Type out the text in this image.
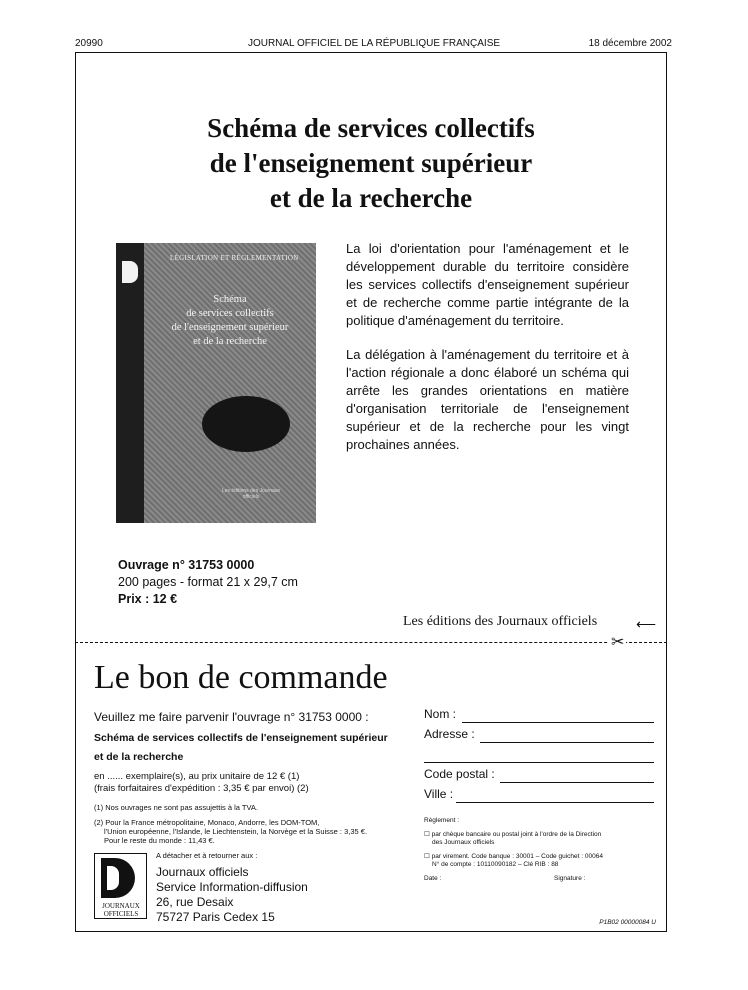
20990	JOURNAL OFFICIEL DE LA RÉPUBLIQUE FRANÇAISE	18 décembre 2002
Schéma de services collectifs
de l'enseignement supérieur
et de la recherche
LÉGISLATION ET RÉGLEMENTATION
Schéma
de services collectifs
de l'enseignement supérieur
et de la recherche
Les éditions des Journaux officiels

La loi d'orientation pour l'aménagement et le développement durable du territoire considère les services collectifs d'enseignement supérieur et de recherche comme partie intégrante de la politique d'aménagement du territoire.

La délégation à l'aménagement du territoire et à l'action régionale a donc élaboré un schéma qui arrête les grandes orientations en matière d'organisation territoriale de l'enseignement supérieur et de la recherche pour les vingt prochaines années.

Ouvrage n° 31753 0000
200 pages - format 21 x 29,7 cm
Prix : 12 €
Les éditions des Journaux officiels	⟵
✂
Le bon de commande
Veuillez me faire parvenir l'ouvrage n° 31753 0000 :
Schéma de services collectifs de l'enseignement supérieur
et de la recherche
en ...... exemplaire(s), au prix unitaire de 12 € (1)
(frais forfaitaires d'expédition : 3,35 € par envoi) (2)
(1) Nos ouvrages ne sont pas assujettis à la TVA.
(2) Pour la France métropolitaine, Monaco, Andorre, les DOM-TOM,
l'Union européenne, l'Islande, le Liechtenstein, la Norvège et la Suisse : 3,35 €.
Pour le reste du monde : 11,43 €.
JOURNAUX
OFFICIELS
A détacher et à retourner aux :
Journaux officiels
Service Information-diffusion
26, rue Desaix
75727 Paris Cedex 15
Nom :
Adresse :
Code postal :
Ville :
Règlement :
☐ par chèque bancaire ou postal joint à l'ordre de la Direction
des Journaux officiels
☐ par virement. Code banque : 30001 – Code guichet : 00064
N° de compte : 10110090182 – Clé RIB : 88
Date :	Signature :
P1B02 00000084 U
